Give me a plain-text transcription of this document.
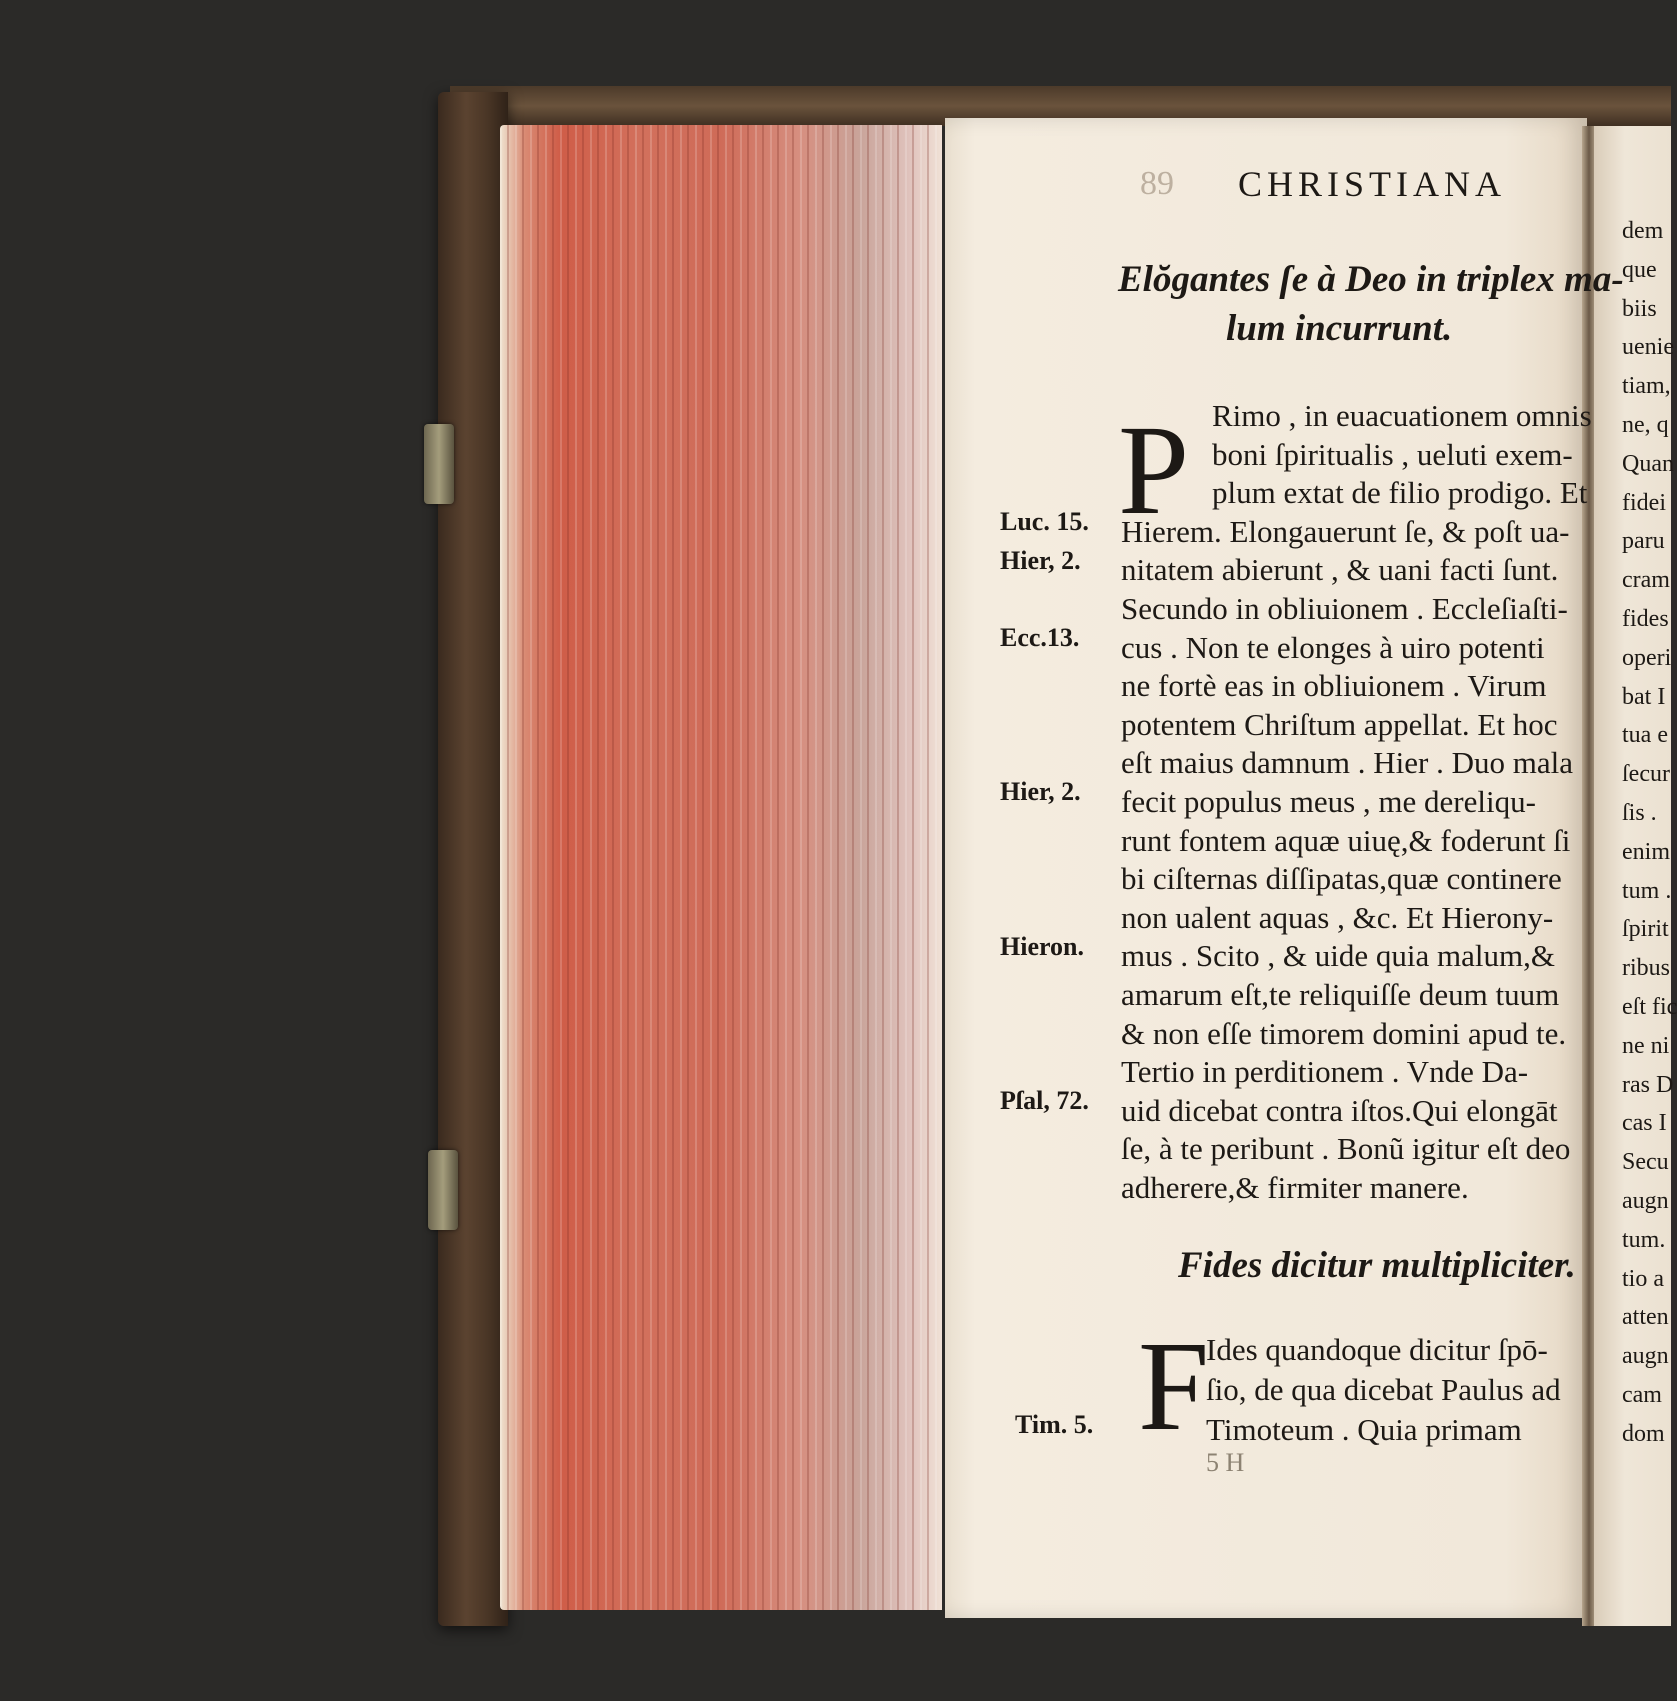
89 CHRISTIANA
Elŏgantes ſe à Deo in triplex ma-
lum incurrunt.
P Rimo , in euacuationem omnis
boni ſpiritualis , ueluti exem-
plum extat de filio prodigo. Et
Hierem. Elongauerunt ſe, & poſt ua-
nitatem abierunt , & uani facti ſunt.
Secundo in obliuionem . Eccleſiaſti-
cus . Non te elonges à uiro potenti
ne fortè eas in obliuionem . Virum
potentem Chriſtum appellat. Et hoc
eſt maius damnum . Hier . Duo mala
fecit populus meus , me dereliqu-
runt fontem aquæ uiuę,& foderunt ſi
bi ciſternas diſſipatas,quæ continere
non ualent aquas , &c. Et Hierony-
mus . Scito , & uide quia malum,&
amarum eſt,te reliquiſſe deum tuum
& non eſſe timorem domini apud te.
Tertio in perditionem . Vnde Da-
uid dicebat contra iſtos.Qui elongāt
ſe, à te peribunt . Bonũ igitur eſt deo
adherere,& firmiter manere.
Luc. 15.
Hier, 2.
Ecc.13.
Hier, 2.
Hieron.
Pſal, 72.
Fides dicitur multipliciter.
F
Ides quandoque dicitur ſpō-
ſio, de qua dicebat Paulus ad
Timoteum . Quia primam
Tim. 5.
5 H
dem
que
biis
uenie
tiam,
ne, q
Quan
fidei
paru
cram
fides
operi
bat I
tua e
ſecur
ſis .
enim
tum .
ſpirit
ribus
eſt fic
ne ni
ras D
cas I
Secu
augn
tum.
tio a
atten
augn
cam
dom
